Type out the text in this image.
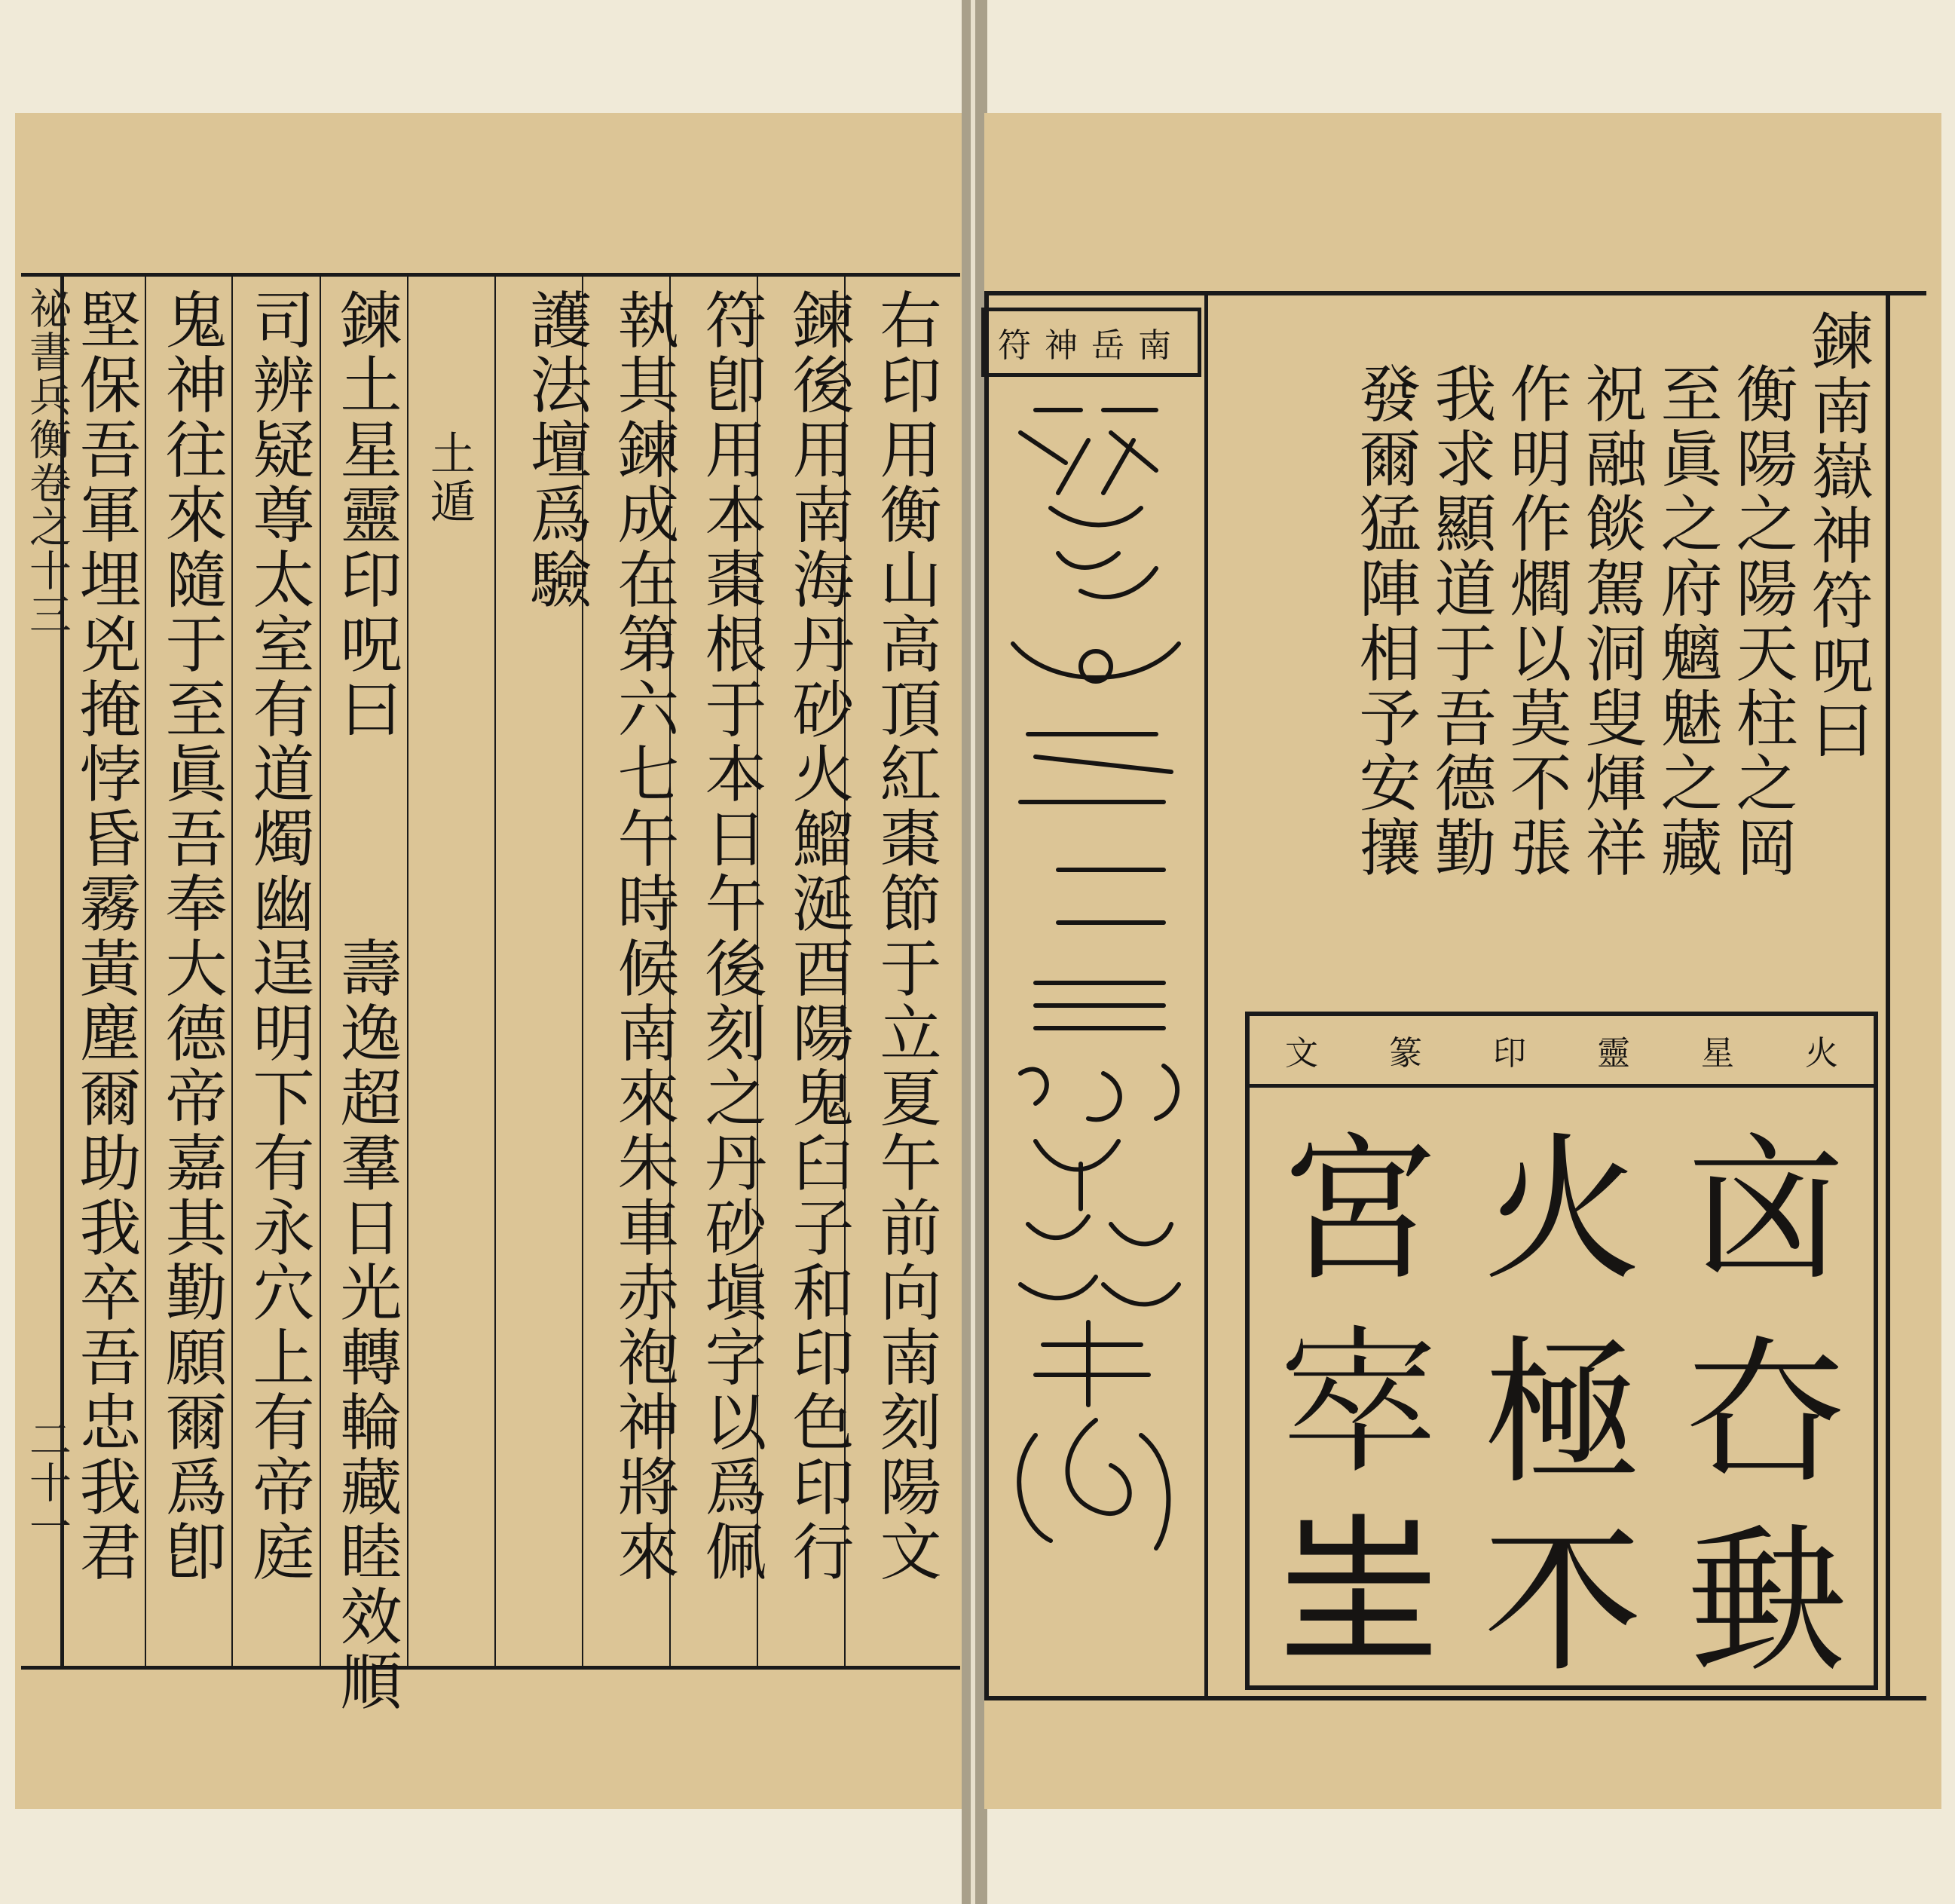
祕書兵衡卷之十三
二十一	右印用衡山高頂紅棗節于立夏午前向南刻陽文
鍊後用南海丹砂火鰡涎酉陽鬼臼子和印色印行
符卽用本棗根于本日午後刻之丹砂塡字以爲佩
執其鍊成在第六七午時候南來朱車赤袍神將來
護法壇爲驗
土遁
鍊土星靈印呪曰　　　壽逸超羣日光轉輪藏睦效順
司辨疑尊太室有道燭幽逞明下有永穴上有帝庭
鬼神往來隨于至眞吾奉大德帝嘉其勤願爾爲卽
堅保吾軍埋兇掩悖昏霧黃塵爾助我卒吾忠我君	鍊南嶽神符呪曰
衡陽之陽天柱之岡
至眞之府魑魅之藏
祝融餤駕洞叟煇祥
作明作爓以莫不張
我求顯道于吾德勤
發爾猛陣相予安攘
南岳神符
火
星
靈
印
篆
文
㐫
火
宮
㚎
極
𡨧
𡙇
𣎴
𡉚
